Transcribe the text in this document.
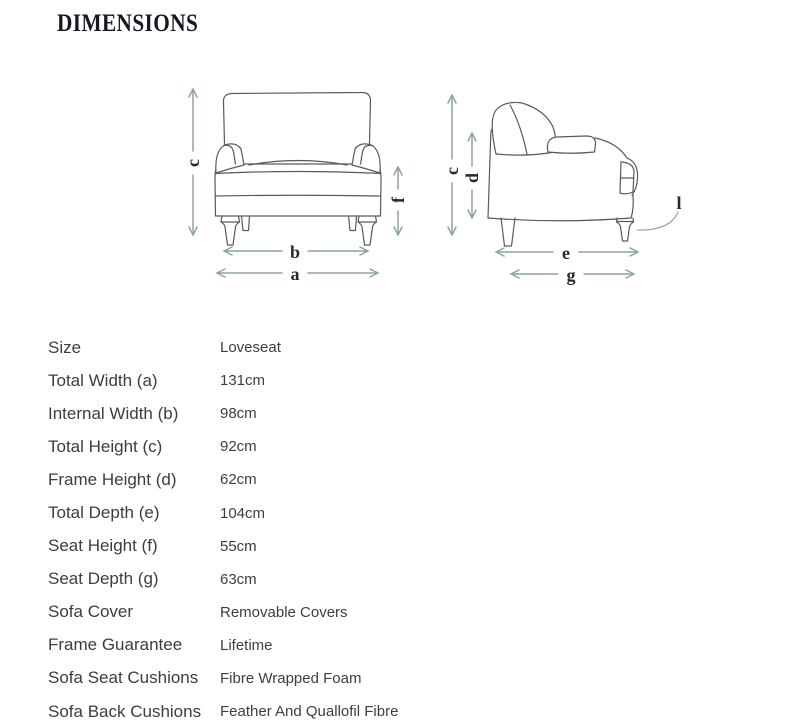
DIMENSIONS
c
f
b
a
c
d
e
g
l
Size	Loveseat
Total Width (a)	131cm
Internal Width (b)	98cm
Total Height (c)	92cm
Frame Height (d)	62cm
Total Depth (e)	104cm
Seat Height (f)	55cm
Seat Depth (g)	63cm
Sofa Cover	Removable Covers
Frame Guarantee	Lifetime
Sofa Seat Cushions	Fibre Wrapped Foam
Sofa Back Cushions	Feather And Quallofil Fibre
